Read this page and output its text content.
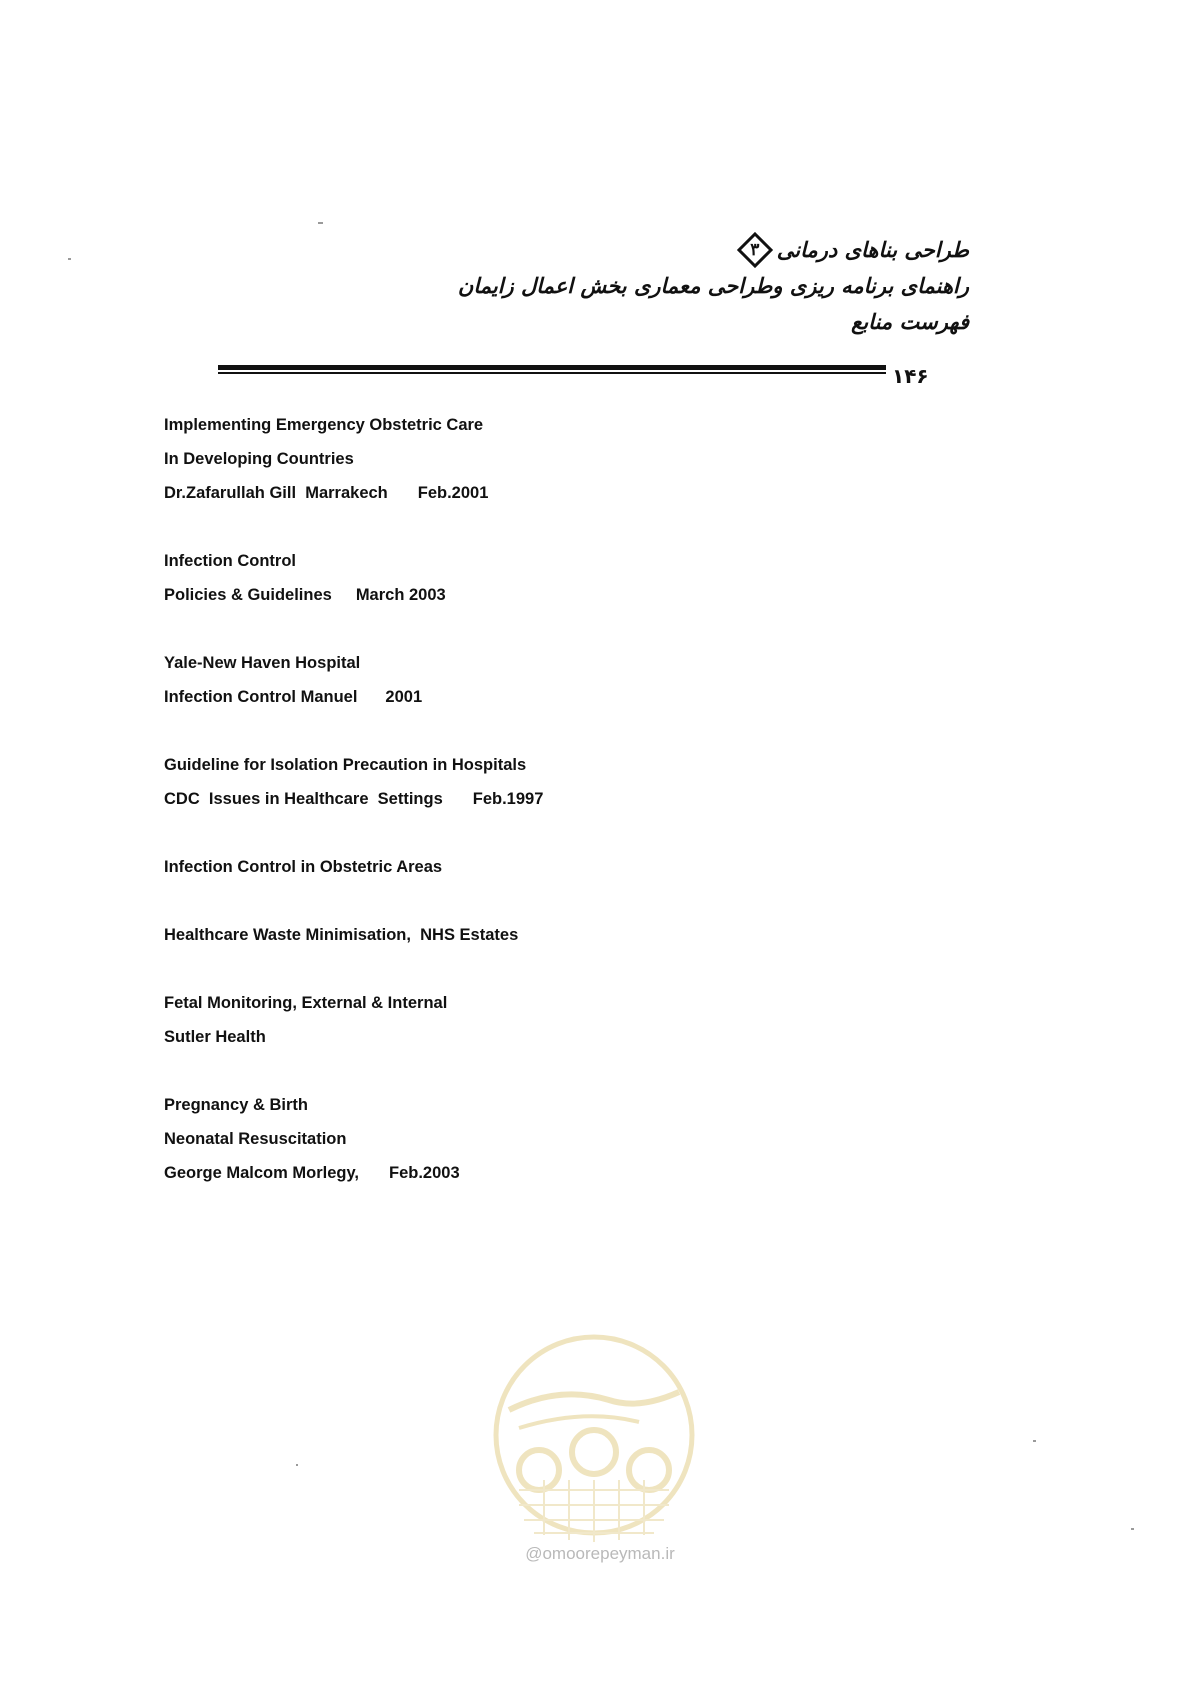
طراحی بناهای درمانی
۳
راهنمای برنامه ریزی وطراحی معماری بخش اعمال زایمان
فهرست منابع
۱۴۶
Implementing Emergency Obstetric Care
In Developing Countries
Dr.Zafarullah Gill  Marrakech Feb.2001
Infection Control
Policies & Guidelines March 2003
Yale-New Haven Hospital
Infection Control Manuel 2001
Guideline for Isolation Precaution in Hospitals
CDC  Issues in Healthcare  Settings Feb.1997
Infection Control in Obstetric Areas
Healthcare Waste Minimisation,  NHS Estates
Fetal Monitoring, External & Internal
Sutler Health
Pregnancy & Birth
Neonatal Resuscitation
George Malcom Morlegy, Feb.2003
@omoorepeyman.ir
